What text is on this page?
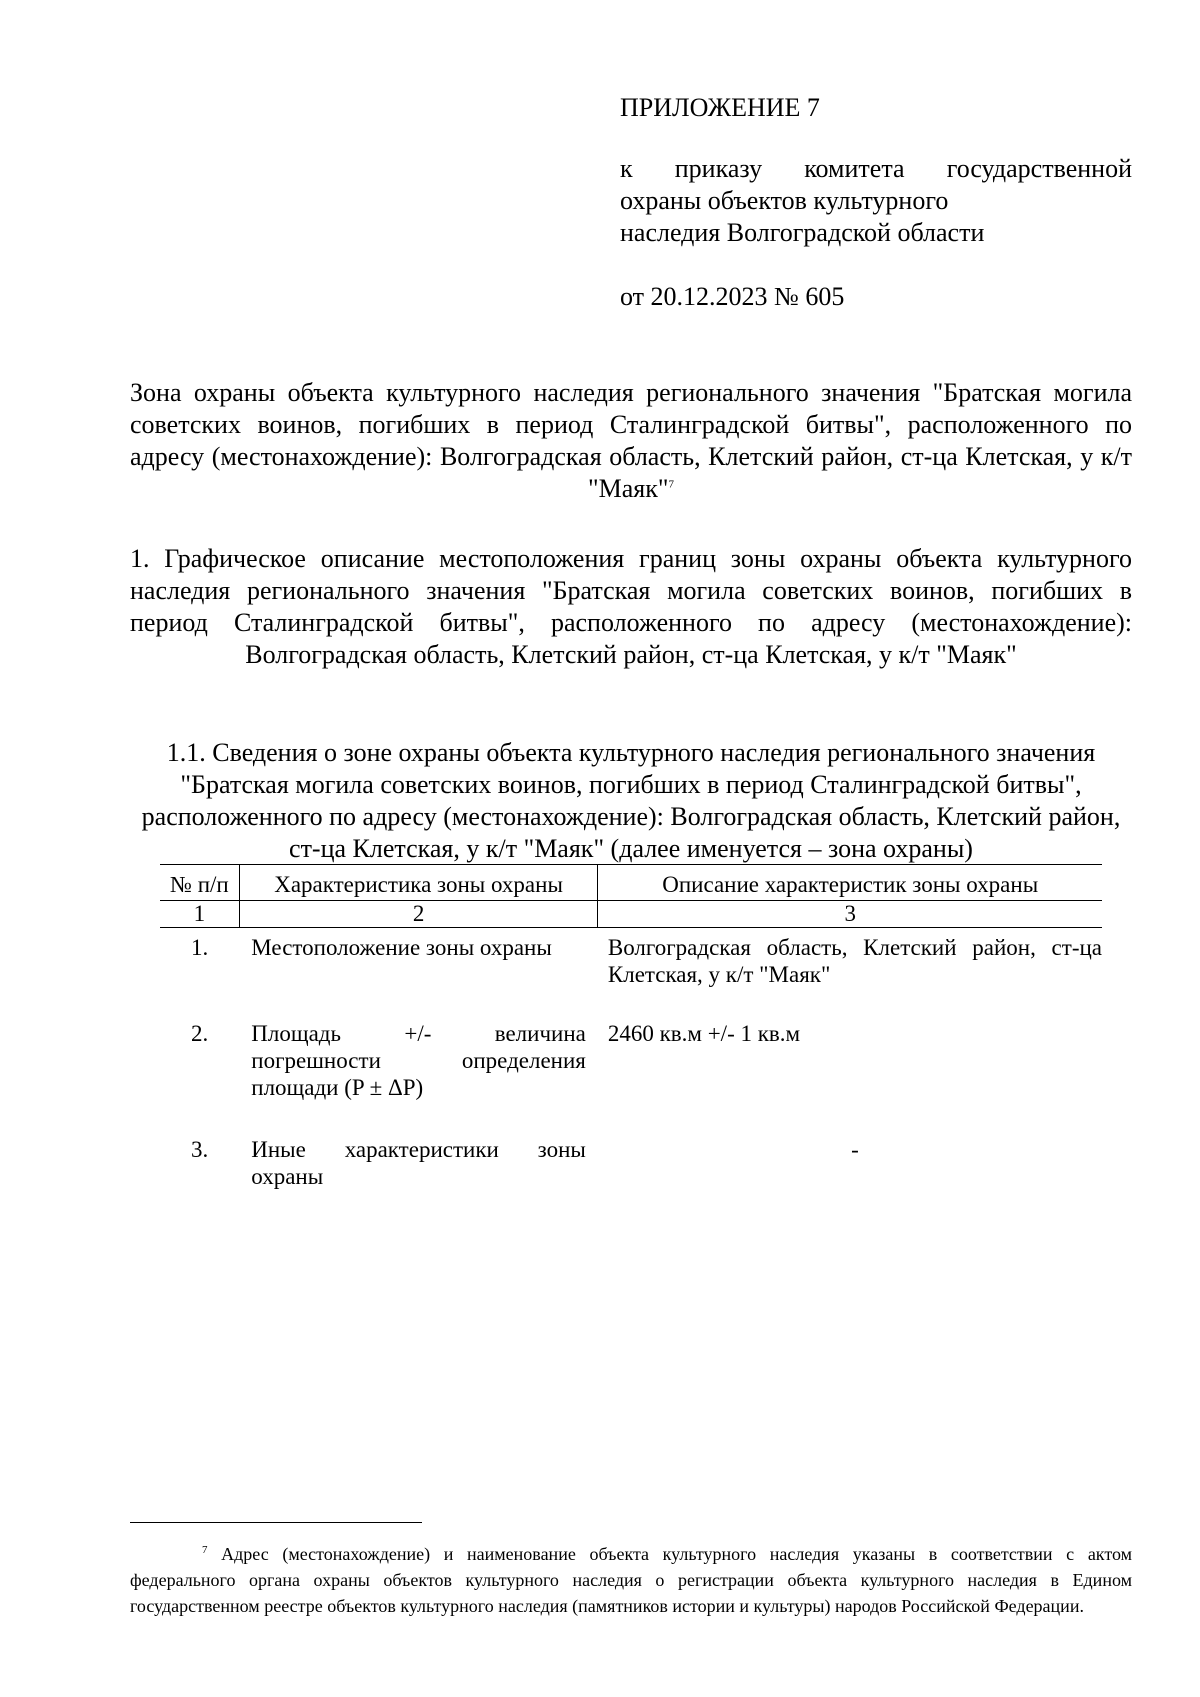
ПРИЛОЖЕНИЕ 7
к приказу комитета государственной
охраны объектов культурного
наследия Волгоградской области
от 20.12.2023 № 605
Зона охраны объекта культурного наследия регионального значения "Братская могила советских воинов, погибших в период Сталинградской битвы", расположенного по адресу (местонахождение): Волгоградская область, Клетский район, ст-ца Клетская, у к/т "Маяк"$^7$
1. Графическое описание местоположения границ зоны охраны объекта культурного наследия регионального значения "Братская могила советских воинов, погибших в период Сталинградской битвы", расположенного по адресу (местонахождение): Волгоградская область, Клетский район, ст-ца Клетская, у к/т "Маяк"
1.1. Сведения о зоне охраны объекта культурного наследия регионального значения "Братская могила советских воинов, погибших в период Сталинградской битвы", расположенного по адресу (местонахождение): Волгоградская область, Клетский район, ст-ца Клетская, у к/т "Маяк" (далее именуется – зона охраны)
№ п/п	Характеристика зоны охраны	Описание характеристик зоны охраны
1	2	3
1.	Местоположение зоны охраны	Волгоградская область, Клетский район, ст-ца Клетская, у к/т "Маяк"
2.	Площадь +/- величина погрешности определения площади (P ± ΔP)	2460 кв.м +/- 1 кв.м
3.	Иные характеристики зоны охраны	-
$^7$ Адрес (местонахождение) и наименование объекта культурного наследия указаны в соответствии с актом федерального органа охраны объектов культурного наследия о регистрации объекта культурного наследия в Едином государственном реестре объектов культурного наследия (памятников истории и культуры) народов Российской Федерации.
